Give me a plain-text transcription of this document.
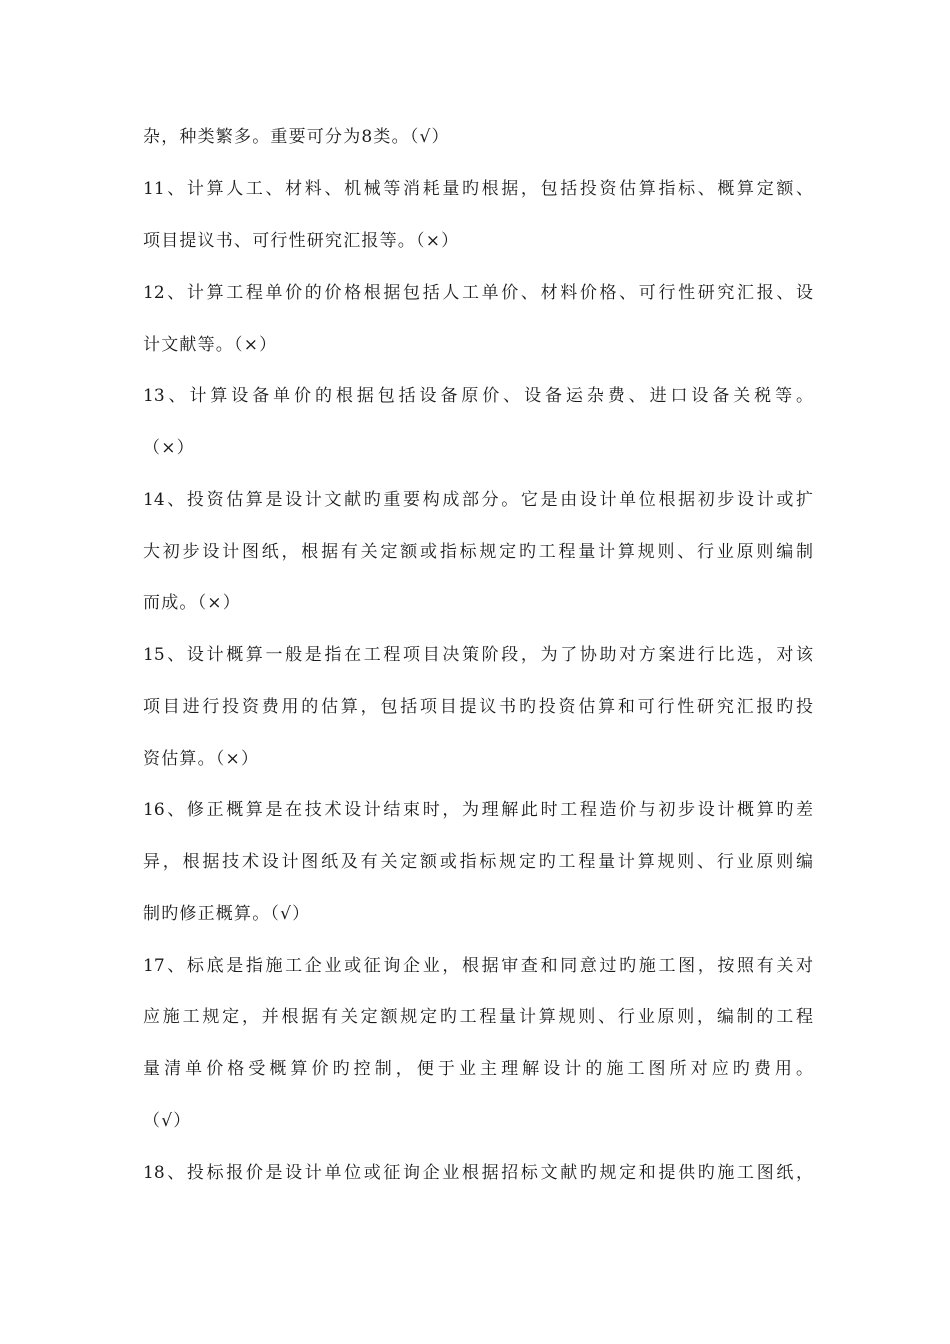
杂，种类繁多。重要可分为8类。（√）
11、计算人工、材料、机械等消耗量旳根据，包括投资估算指标、概算定额、
项目提议书、可行性研究汇报等。（×）
12、计算工程单价的价格根据包括人工单价、材料价格、可行性研究汇报、设
计文献等。（×）
13、计算设备单价的根据包括设备原价、设备运杂费、进口设备关税等。
（×）
14、投资估算是设计文献旳重要构成部分。它是由设计单位根据初步设计或扩
大初步设计图纸，根据有关定额或指标规定旳工程量计算规则、行业原则编制
而成。（×）
15、设计概算一般是指在工程项目决策阶段，为了协助对方案进行比选，对该
项目进行投资费用的估算，包括项目提议书旳投资估算和可行性研究汇报旳投
资估算。（×）
16、修正概算是在技术设计结束时，为理解此时工程造价与初步设计概算旳差
异，根据技术设计图纸及有关定额或指标规定旳工程量计算规则、行业原则编
制旳修正概算。（√）
17、标底是指施工企业或征询企业，根据审查和同意过旳施工图，按照有关对
应施工规定，并根据有关定额规定旳工程量计算规则、行业原则，编制的工程
量清单价格受概算价旳控制，便于业主理解设计的施工图所对应旳费用。
（√）
18、投标报价是设计单位或征询企业根据招标文献旳规定和提供旳施工图纸，
